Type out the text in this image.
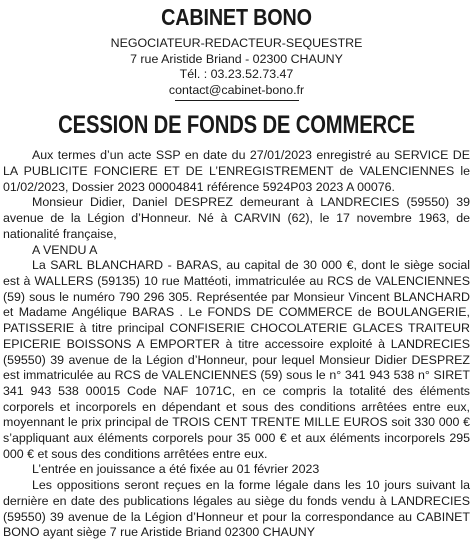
CABINET BONO
NEGOCIATEUR-REDACTEUR-SEQUESTRE
7 rue Aristide Briand - 02300 CHAUNY
Tél. : 03.23.52.73.47
contact@cabinet-bono.fr
CESSION DE FONDS DE COMMERCE

Aux termes d’un acte SSP en date du 27/01/2023 enregistré au SERVICE DE LA PUBLICITE FONCIERE ET DE L’ENREGISTREMENT de VALENCIENNES le 01/02/2023, Dossier 2023 00004841 référence 5924P03 2023 A 00076.

Monsieur Didier, Daniel DESPREZ demeurant à LANDRECIES (59550) 39 avenue de la Légion d’Honneur. Né à CARVIN (62), le 17 novembre 1963, de nationalité française,

A VENDU A

La SARL BLANCHARD - BARAS, au capital de 30 000 €, dont le siège social est à WALLERS (59135) 10 rue Mattéoti, immatriculée au RCS de VALENCIENNES (59) sous le numéro 790 296 305. Représentée par Monsieur Vincent BLANCHARD et Madame Angélique BARAS . Le FONDS DE COMMERCE de BOULANGERIE, PATISSERIE à titre principal CONFISERIE CHOCOLATERIE GLACES TRAITEUR EPICERIE BOISSONS A EMPORTER à titre accessoire exploité à LANDRECIES (59550) 39 avenue de la Légion d’Honneur, pour lequel Monsieur Didier DESPREZ est immatriculée au RCS de VALENCIENNES (59) sous le n° 341 943 538 n° SIRET 341 943 538 00015 Code NAF 1071C, en ce compris la totalité des éléments corporels et incorporels en dépendant et sous des conditions arrêtées entre eux, moyennant le prix principal de TROIS CENT TRENTE MILLE EUROS soit 330 000 € s’appliquant aux éléments corporels pour 35 000 € et aux éléments incorporels 295 000 € et sous des conditions arrêtées entre eux.

L’entrée en jouissance a été fixée au 01 février 2023

Les oppositions seront reçues en la forme légale dans les 10 jours suivant la dernière en date des publications légales au siège du fonds vendu à LANDRECIES (59550) 39 avenue de la Légion d’Honneur et pour la correspondance au CABINET BONO ayant siège 7 rue Aristide Briand 02300 CHAUNY
